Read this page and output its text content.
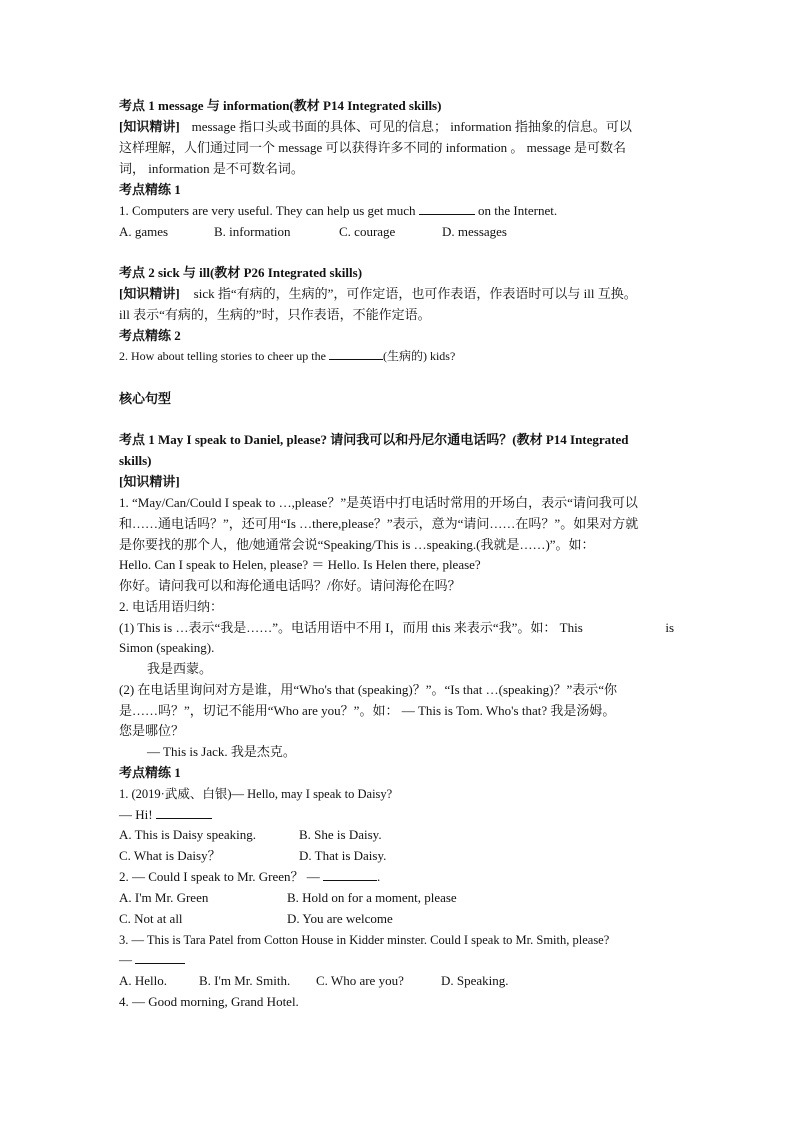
考点 1 message 与 information(教材 P14 Integrated skills)
[知识精讲] message 指口头或书面的具体、可见的信息； information 指抽象的信息。可以
这样理解，人们通过同一个 message 可以获得许多不同的 information 。 message 是可数名
词， information 是不可数名词。
考点精练 1
1. Computers are very useful. They can help us get much	on the Internet.
A. games	B. information	C. courage	D. messages
考点 2 sick 与 ill(教材 P26 Integrated skills)
[知识精讲] sick 指“有病的，生病的”，可作定语，也可作表语，作表语时可以与 ill 互换。
ill 表示“有病的，生病的”时，只作表语，不能作定语。
考点精练 2
2. How about telling stories to cheer up the	(生病的) kids?
核心句型
考点 1 May I speak to Daniel, please? 请问我可以和丹尼尔通电话吗？(教材 P14 Integrated
skills)
[知识精讲]
1. “May/Can/Could I speak to …,please？”是英语中打电话时常用的开场白，表示“请问我可以
和……通电话吗？”，还可用“Is …there,please？”表示，意为“请问……在吗？”。如果对方就
是你要找的那个人，他/她通常会说“Speaking/This is …speaking.(我就是……)”。如：
Hello. Can I speak to Helen, please? ＝ Hello. Is Helen there, please?
你好。请问我可以和海伦通电话吗？/你好。请问海伦在吗？
2. 电话用语归纳：
(1) This is …表示“我是……”。电话用语中不用 I，而用 this 来表示“我”。如： This	is
Simon (speaking).
我是西蒙。
(2) 在电话里询问对方是谁，用“Who's that (speaking)？”。“Is that …(speaking)？”表示“你
是……吗？”，切记不能用“Who are you？”。如： — This is Tom. Who's that? 我是汤姆。
您是哪位？
— This is Jack. 我是杰克。
考点精练 1
1. (2019·武威、白银)— Hello, may I speak to Daisy?
— Hi!
A. This is Daisy speaking.	B. She is Daisy.
C. What is Daisy？	D. That is Daisy.
2. — Could I speak to Mr. Green？ —	.
A. I'm Mr. Green	B. Hold on for a moment, please
C. Not at all	D. You are welcome
3. — This is Tara Patel from Cotton House in Kidder minster. Could I speak to Mr. Smith, please?
—
A. Hello. B. I'm Mr. Smith. C. Who are you?	D. Speaking.
4. — Good morning, Grand Hotel.
